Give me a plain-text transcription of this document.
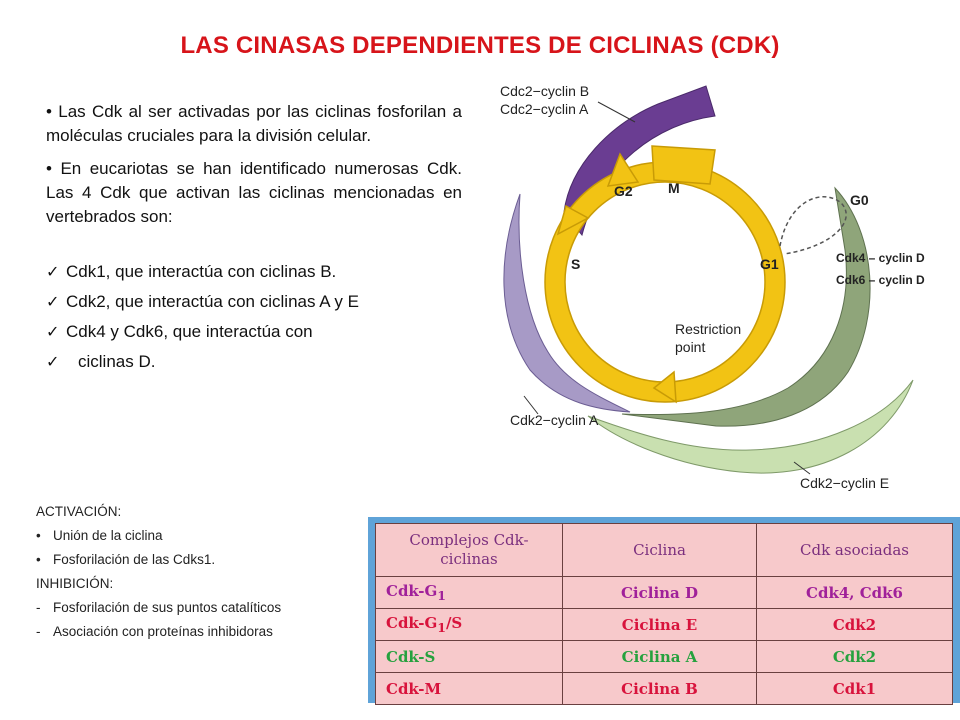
LAS CINASAS DEPENDIENTES DE CICLINAS (CDK)

• Las Cdk al ser activadas por las ciclinas fosforilan a moléculas cruciales para la división celular.

• En eucariotas se han identificado numerosas Cdk. Las 4 Cdk que activan las ciclinas mencionadas en vertebrados son:

✓ Cdk1, que interactúa con ciclinas B.
✓ Cdk2, que interactúa con ciclinas A y E
✓ Cdk4 y Cdk6, que interactúa con
✓ ciclinas D.
ACTIVACIÓN:
• Unión de la ciclina
• Fosforilación de las Cdks1.
INHIBICIÓN:
- Fosforilación de sus puntos catalíticos
- Asociación con proteínas inhibidoras
Cdc2−cyclin B
Cdc2−cyclin A
M
G2
S	G1
G0
Restriction
point
Cdk4 – cyclin D
Cdk6 – cyclin D
Cdk2−cyclin A
Cdk2−cyclin E
Complejos Cdk-
ciclinas	Ciclina	Cdk asociadas
Cdk-$G_1$	Ciclina D	Cdk4, Cdk6
Cdk-$G_1/S$	Ciclina E	Cdk2
Cdk-S	Ciclina A	Cdk2
Cdk-M	Ciclina B	Cdk1
